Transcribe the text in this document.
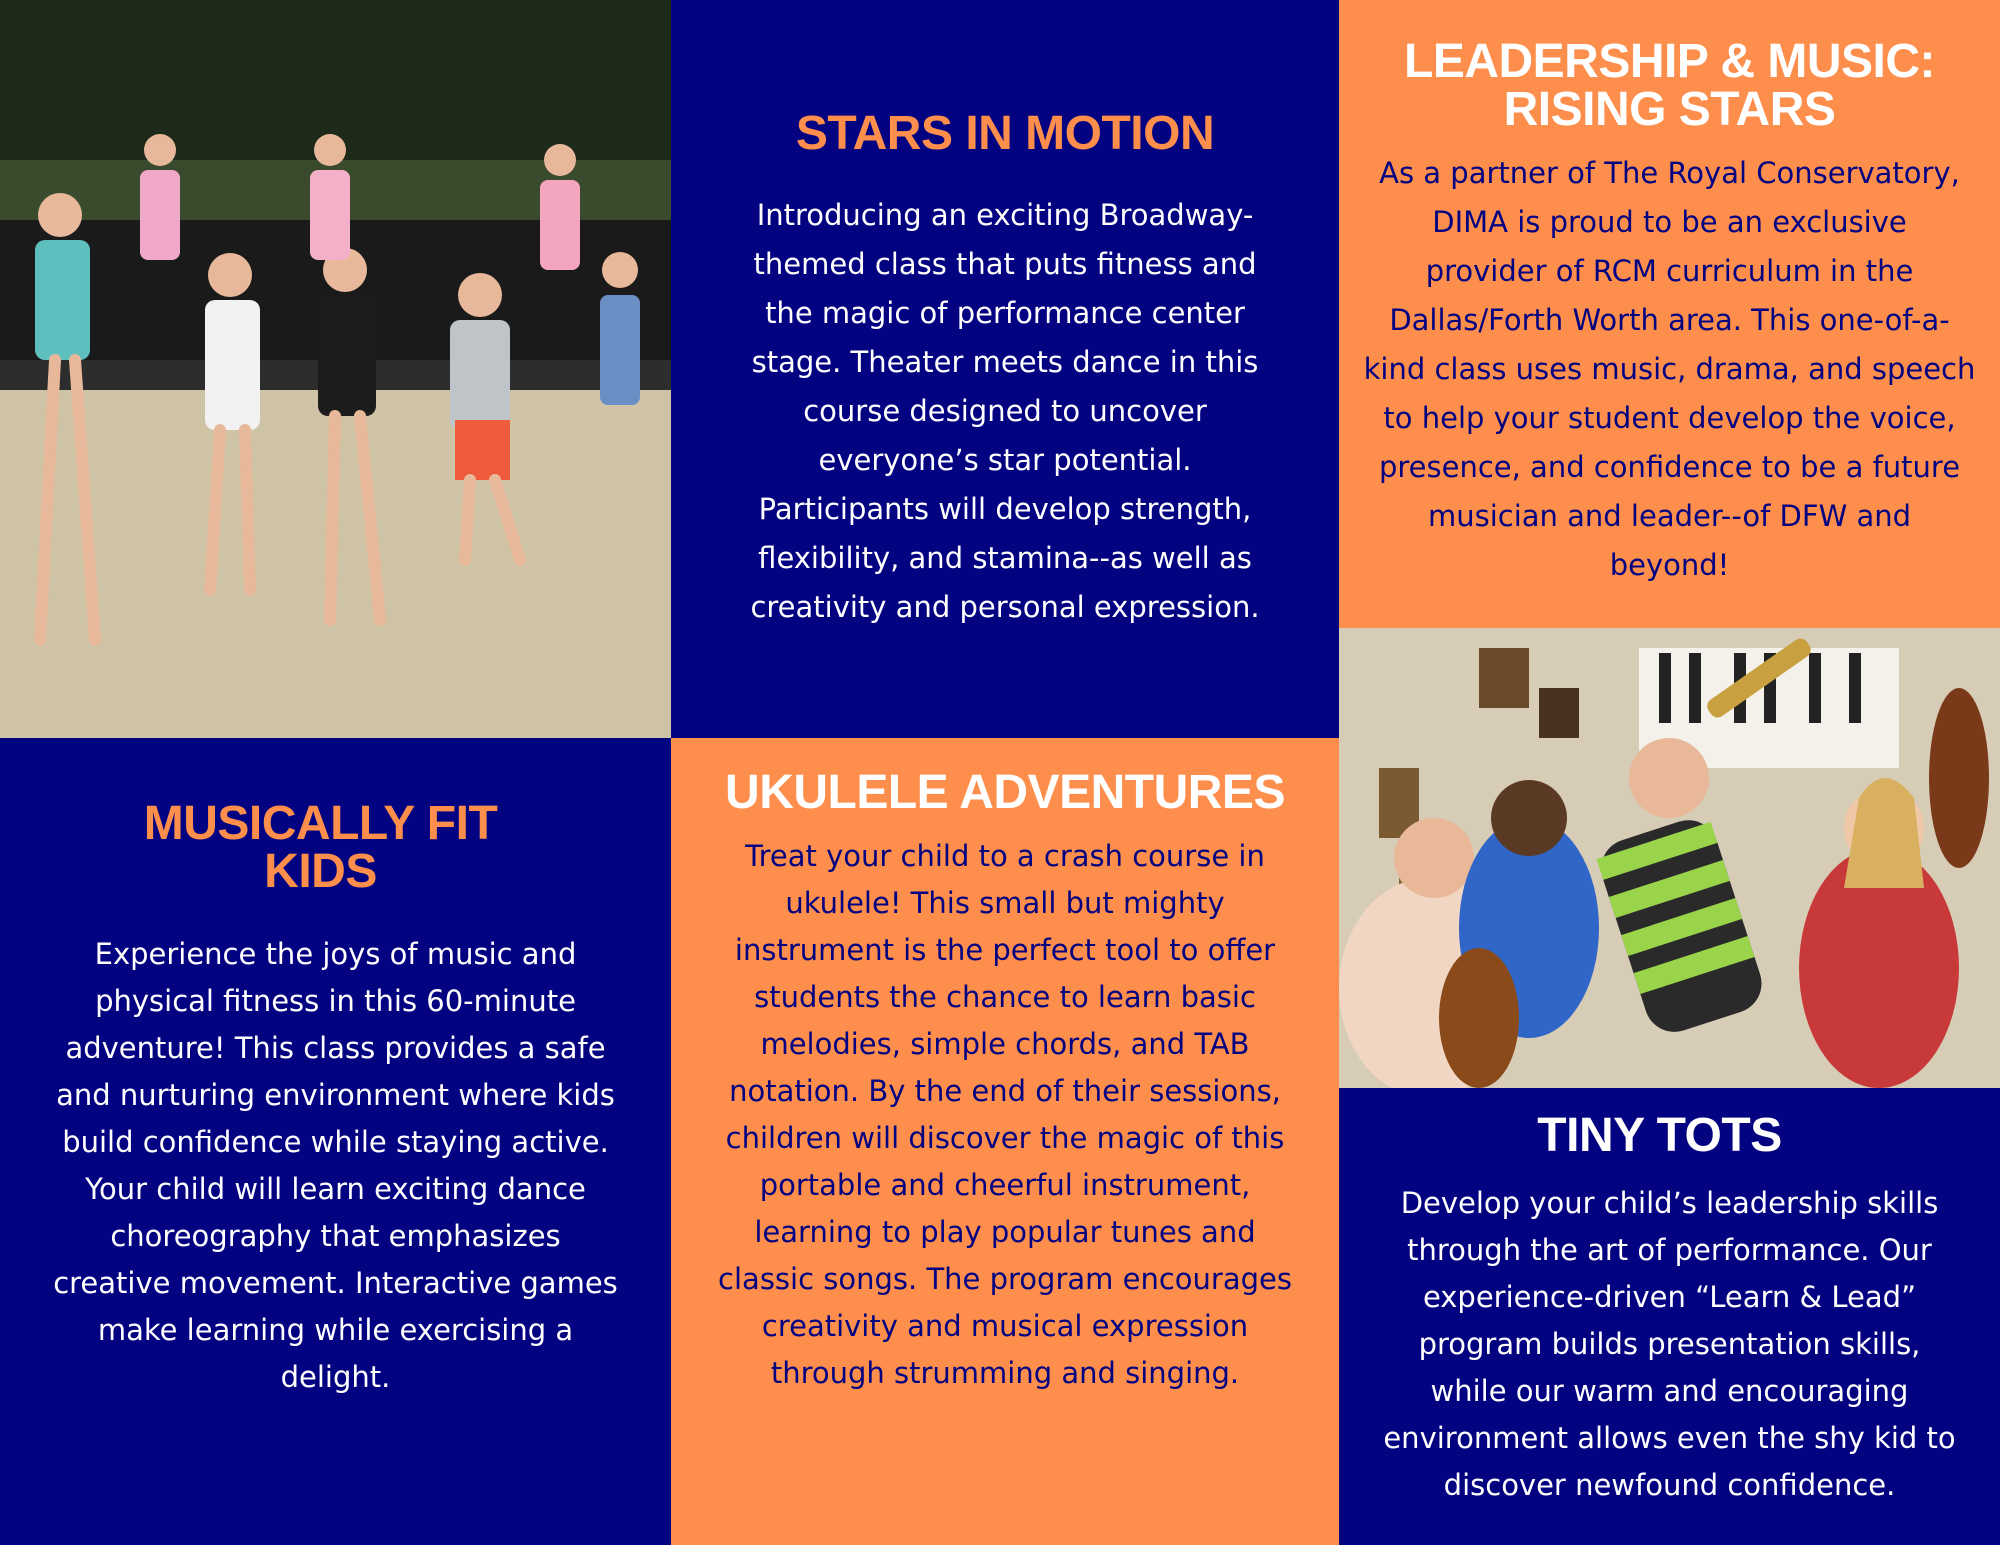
STARS IN MOTION

Introducing an exciting Broadway-
themed class that puts fitness and
the magic of performance center
stage. Theater meets dance in this
course designed to uncover
everyone’s star potential.
Participants will develop strength,
flexibility, and stamina--as well as
creativity and personal expression.

LEADERSHIP & MUSIC:
RISING STARS

As a partner of The Royal Conservatory,
DIMA is proud to be an exclusive
provider of RCM curriculum in the
Dallas/Forth Worth area. This one-of-a-
kind class uses music, drama, and speech
to help your student develop the voice,
presence, and confidence to be a future
musician and leader--of DFW and
beyond!

MUSICALLY FIT
KIDS

Experience the joys of music and
physical fitness in this 60-minute
adventure! This class provides a safe
and nurturing environment where kids
build confidence while staying active.
Your child will learn exciting dance
choreography that emphasizes
creative movement. Interactive games
make learning while exercising a
delight.

UKULELE ADVENTURES

Treat your child to a crash course in
ukulele! This small but mighty
instrument is the perfect tool to offer
students the chance to learn basic
melodies, simple chords, and TAB
notation. By the end of their sessions,
children will discover the magic of this
portable and cheerful instrument,
learning to play popular tunes and
classic songs. The program encourages
creativity and musical expression
through strumming and singing.

TINY TOTS

Develop your child’s leadership skills
through the art of performance. Our
experience-driven “Learn & Lead”
program builds presentation skills,
while our warm and encouraging
environment allows even the shy kid to
discover newfound confidence.
